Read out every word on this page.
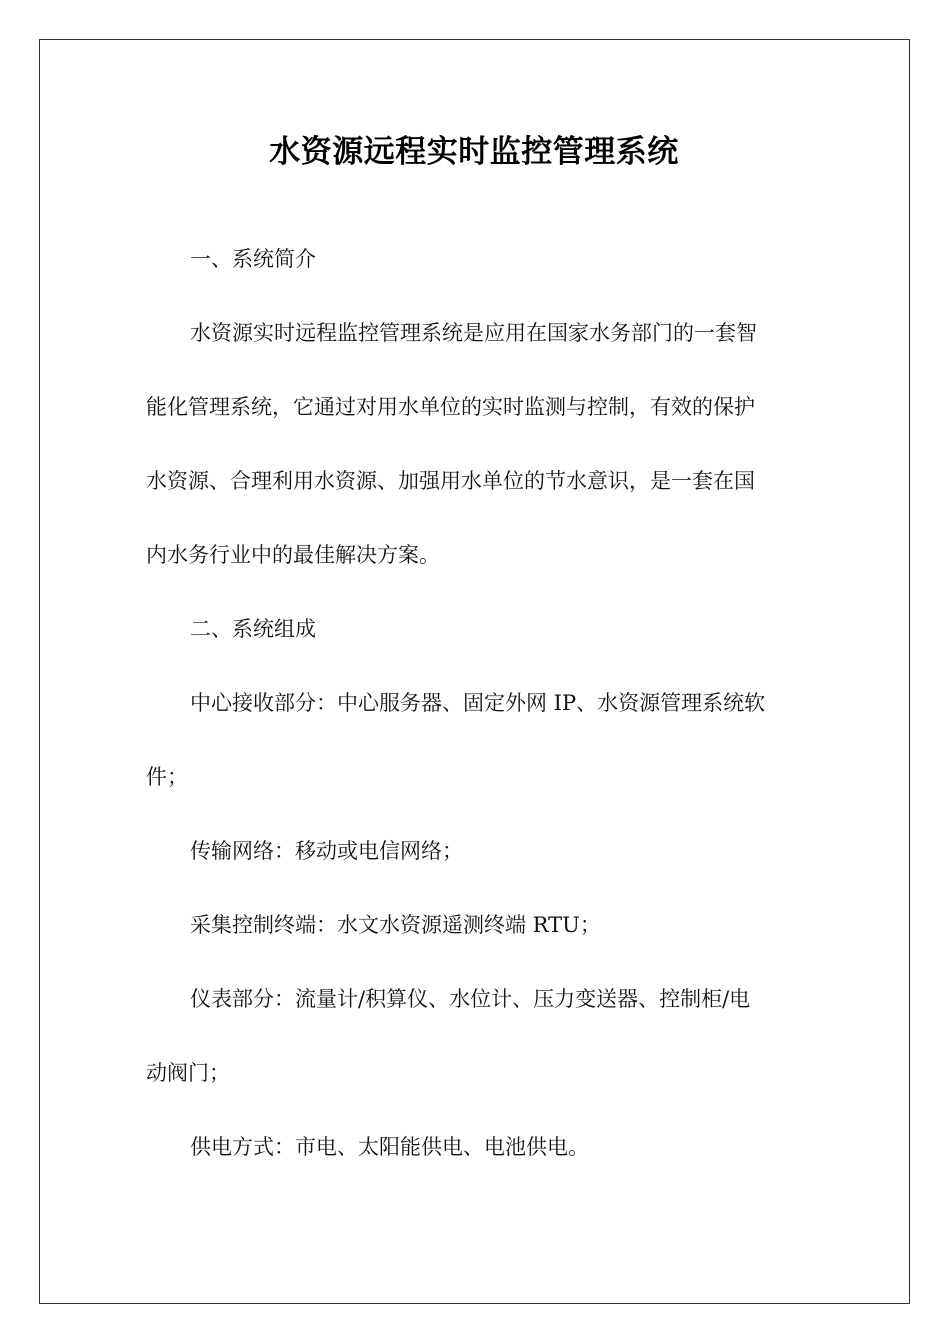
水资源远程实时监控管理系统

一、系统简介

水资源实时远程监控管理系统是应用在国家水务部门的一套智

能化管理系统，它通过对用水单位的实时监测与控制，有效的保护

水资源、合理利用水资源、加强用水单位的节水意识，是一套在国

内水务行业中的最佳解决方案。

二、系统组成

中心接收部分：中心服务器、固定外网 IP、水资源管理系统软

件；

传输网络：移动或电信网络；

采集控制终端：水文水资源遥测终端 RTU；

仪表部分：流量计/积算仪、水位计、压力变送器、控制柜/电

动阀门；

供电方式：市电、太阳能供电、电池供电。
